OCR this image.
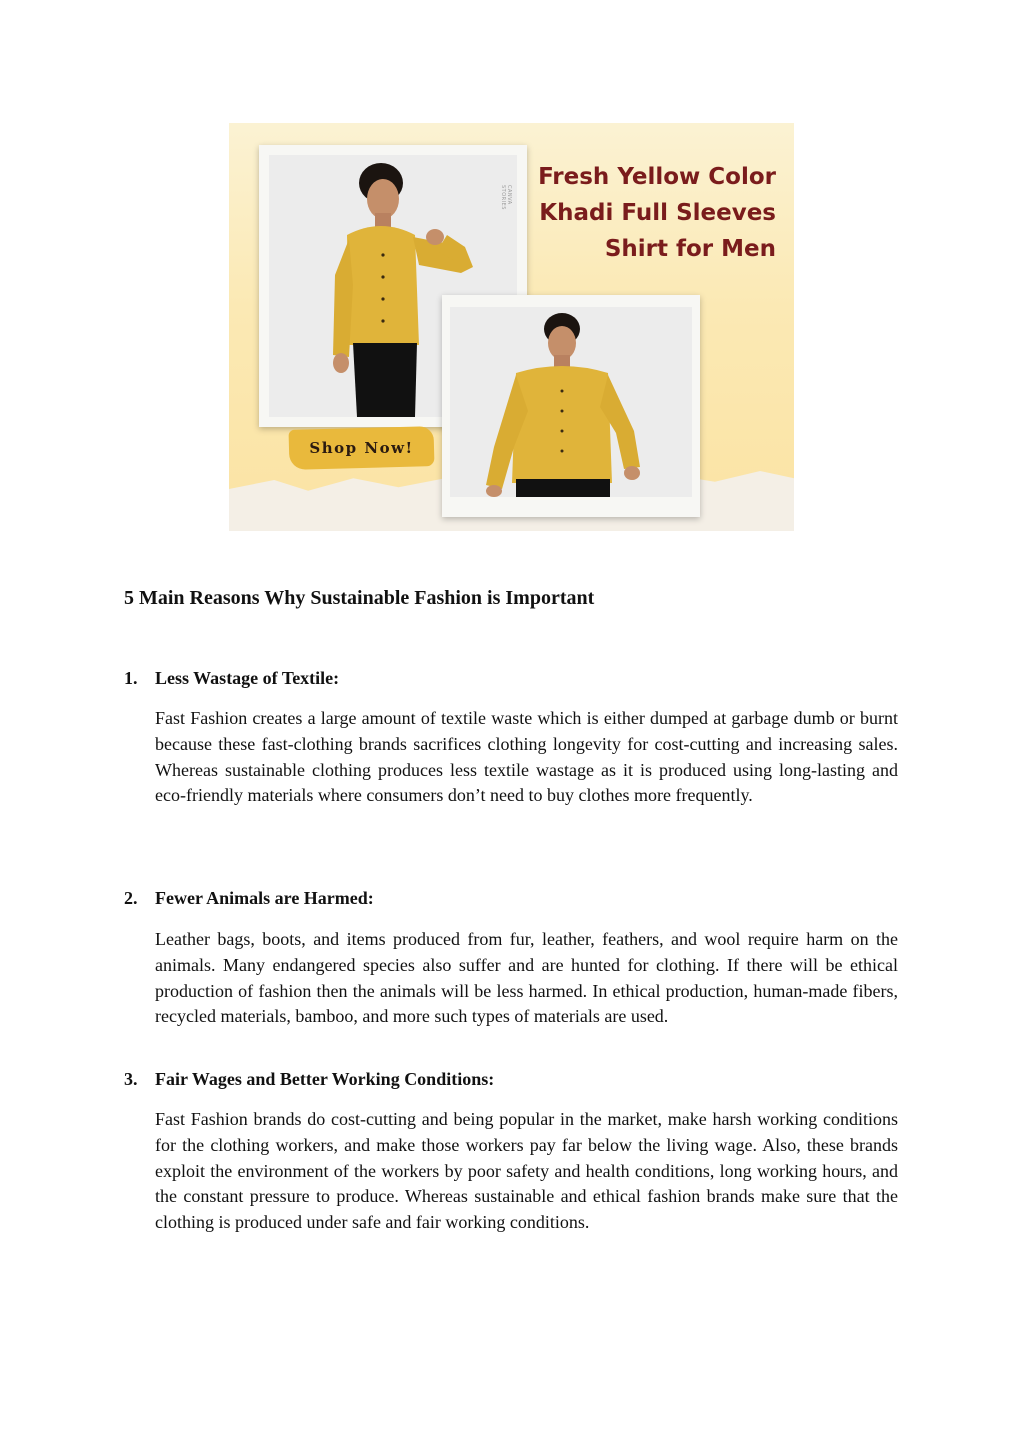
CANVA STORIES
Fresh Yellow Color
Khadi Full Sleeves
Shirt for Men
Shop Now!
5 Main Reasons Why Sustainable Fashion is Important
1. Less Wastage of Textile:

Fast Fashion creates a large amount of textile waste which is either dumped at garbage dumb or burnt because these fast-clothing brands sacrifices clothing longevity for cost-cutting and increasing sales. Whereas sustainable clothing produces less textile wastage as it is produced using long-lasting and eco-friendly materials where consumers don’t need to buy clothes more frequently.

2. Fewer Animals are Harmed:

Leather bags, boots, and items produced from fur, leather, feathers, and wool require harm on the animals. Many endangered species also suffer and are hunted for clothing. If there will be ethical production of fashion then the animals will be less harmed. In ethical production, human-made fibers, recycled materials, bamboo, and more such types of materials are used.

3. Fair Wages and Better Working Conditions:

Fast Fashion brands do cost-cutting and being popular in the market, make harsh working conditions for the clothing workers, and make those workers pay far below the living wage. Also, these brands exploit the environment of the workers by poor safety and health conditions, long working hours, and the constant pressure to produce. Whereas sustainable and ethical fashion brands make sure that the clothing is produced under safe and fair working conditions.
